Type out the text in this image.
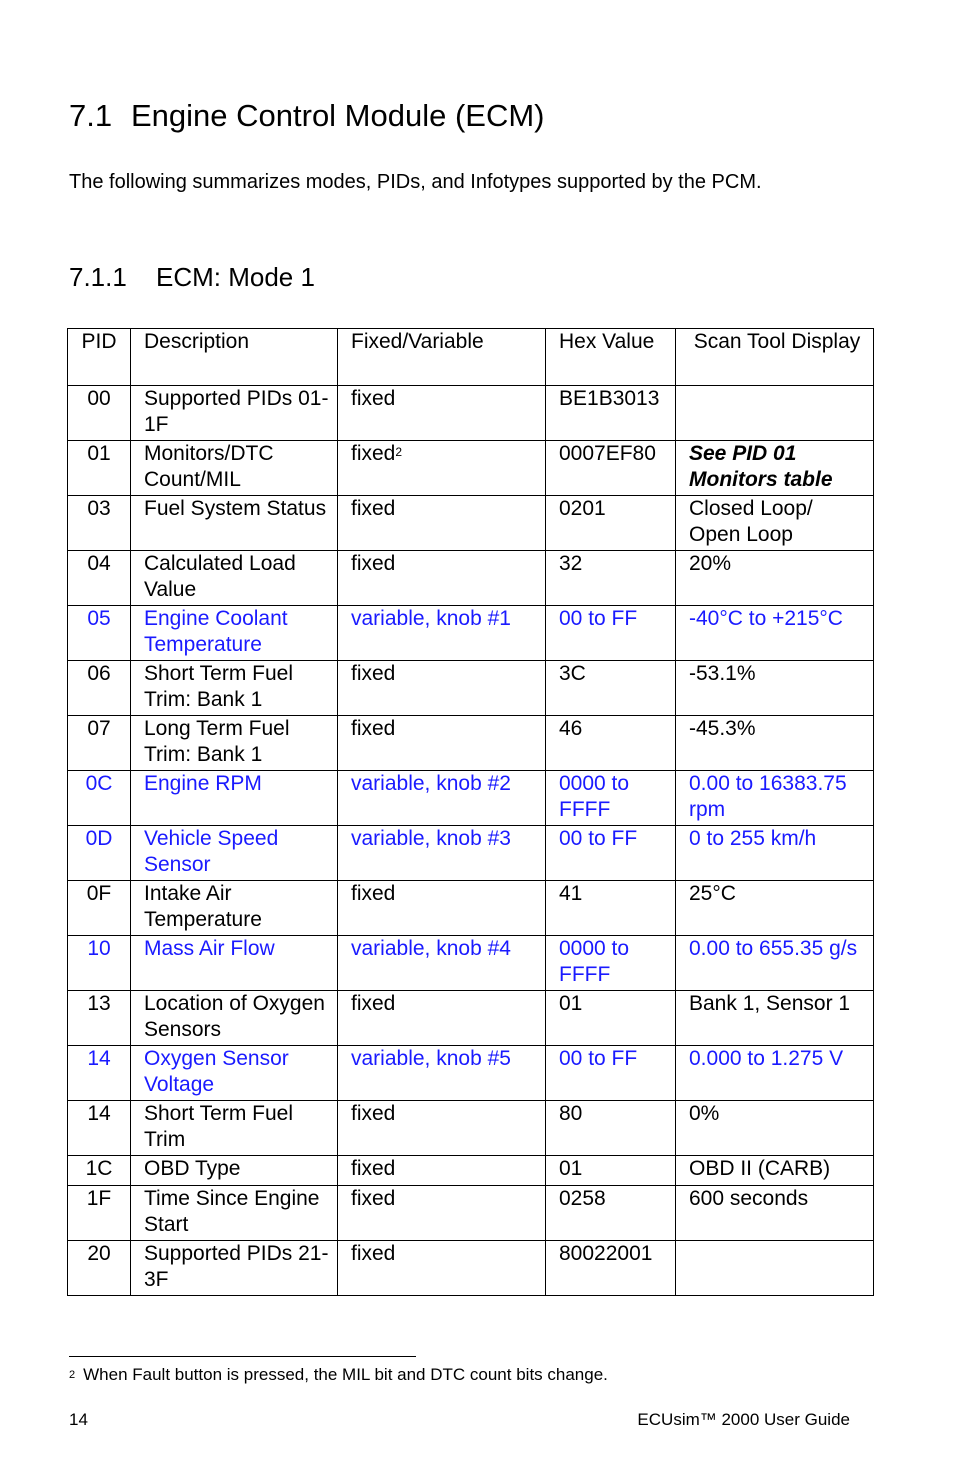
7.1 Engine Control Module (ECM)

The following summarizes modes, PIDs, and Infotypes supported by the PCM.

7.1.1 ECM: Mode 1
PID	Description	Fixed/Variable	Hex Value	Scan Tool Display
00	Supported PIDs 01-1F	fixed	BE1B3013	
01	Monitors/DTC Count/MIL	fixed$^2$	0007EF80	See PID 01 Monitors table
03	Fuel System Status	fixed	0201	Closed Loop/ Open Loop
04	Calculated Load Value	fixed	32	20%
05	Engine Coolant Temperature	variable, knob #1	00 to FF	-40°C to +215°C
06	Short Term Fuel Trim: Bank 1	fixed	3C	-53.1%
07	Long Term Fuel Trim: Bank 1	fixed	46	-45.3%
0C	Engine RPM	variable, knob #2	0000 to FFFF	0.00 to 16383.75 rpm
0D	Vehicle Speed Sensor	variable, knob #3	00 to FF	0 to 255 km/h
0F	Intake Air Temperature	fixed	41	25°C
10	Mass Air Flow	variable, knob #4	0000 to FFFF	0.00 to 655.35 g/s
13	Location of Oxygen Sensors	fixed	01	Bank 1, Sensor 1
14	Oxygen Sensor Voltage	variable, knob #5	00 to FF	0.000 to 1.275 V
14	Short Term Fuel Trim	fixed	80	0%
1C	OBD Type	fixed	01	OBD II (CARB)
1F	Time Since Engine Start	fixed	0258	600 seconds
20	Supported PIDs 21-3F	fixed	80022001	

$^2$ When Fault button is pressed, the MIL bit and DTC count bits change.

14	ECUsim™ 2000 User Guide
